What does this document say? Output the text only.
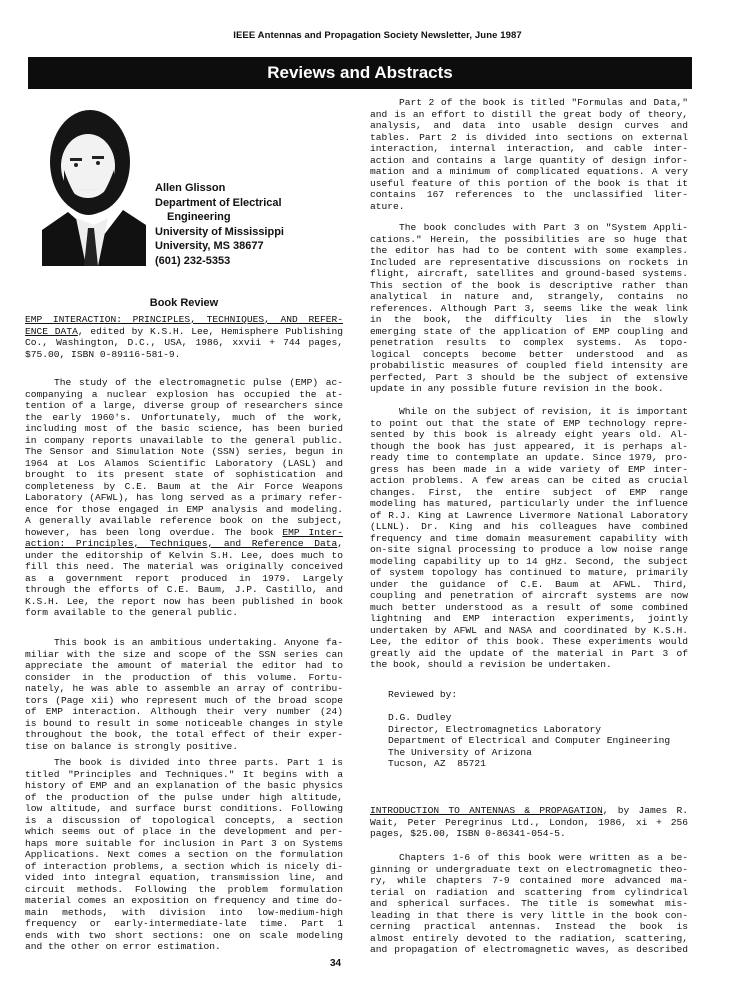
IEEE Antennas and Propagation Society Newsletter, June 1987
Reviews and Abstracts
Allen Glisson
Department of Electrical
Engineering
University of Mississippi
University, MS 38677
(601) 232-5353
Book Review
EMP INTERACTION: PRINCIPLES, TECHNIQUES, AND REFER-
ENCE DATA, edited by K.S.H. Lee, Hemisphere Publishing
Co., Washington, D.C., USA, 1986, xxvii + 744 pages,
$75.00, ISBN 0-89116-581-9.
The study of the electromagnetic pulse (EMP) ac-
companying a nuclear explosion has occupied the at-
tention of a large, diverse group of researchers since
the early 1960's. Unfortunately, much of the work,
including most of the basic science, has been buried
in company reports unavailable to the general public.
The Sensor and Simulation Note (SSN) series, begun in
1964 at Los Alamos Scientific Laboratory (LASL) and
brought to its present state of sophistication and
completeness by C.E. Baum at the Air Force Weapons
Laboratory (AFWL), has long served as a primary refer-
ence for those engaged in EMP analysis and modeling.
A generally available reference book on the subject,
however, has been long overdue. The book EMP Inter-
action: Principles, Techniques, and Reference Data,
under the editorship of Kelvin S.H. Lee, does much to
fill this need. The material was originally conceived
as a government report produced in 1979. Largely
through the efforts of C.E. Baum, J.P. Castillo, and
K.S.H. Lee, the report now has been published in book
form available to the general public.
This book is an ambitious undertaking. Anyone fa-
miliar with the size and scope of the SSN series can
appreciate the amount of material the editor had to
consider in the production of this volume. Fortu-
nately, he was able to assemble an array of contribu-
tors (Page xii) who represent much of the broad scope
of EMP interaction. Although their very number (24)
is bound to result in some noticeable changes in style
throughout the book, the total effect of their exper-
tise on balance is strongly positive.
The book is divided into three parts. Part 1 is
titled "Principles and Techniques." It begins with a
history of EMP and an explanation of the basic physics
of the production of the pulse under high altitude,
low altitude, and surface burst conditions. Following
is a discussion of topological concepts, a section
which seems out of place in the development and per-
haps more suitable for inclusion in Part 3 on Systems
Applications. Next comes a section on the formulation
of interaction problems, a section which is nicely di-
vided into integral equation, transmission line, and
circuit methods. Following the problem formulation
material comes an exposition on frequency and time do-
main methods, with division into low-medium-high
frequency or early-intermediate-late time. Part 1
ends with two short sections: one on scale modeling
and the other on error estimation.
Part 2 of the book is titled "Formulas and Data,"
and is an effort to distill the great body of theory,
analysis, and data into usable design curves and
tables. Part 2 is divided into sections on external
interaction, internal interaction, and cable inter-
action and contains a large quantity of design infor-
mation and a minimum of complicated equations. A very
useful feature of this portion of the book is that it
contains 167 references to the unclassified liter-
ature.
The book concludes with Part 3 on "System Appli-
cations." Herein, the possibilities are so huge that
the editor has had to be content with some examples.
Included are representative discussions on rockets in
flight, aircraft, satellites and ground-based systems.
This section of the book is descriptive rather than
analytical in nature and, strangely, contains no
references. Although Part 3, seems like the weak link
in the book, the difficulty lies in the slowly
emerging state of the application of EMP coupling and
penetration results to complex systems. As topo-
logical concepts become better understood and as
probabilistic measures of coupled field intensity are
perfected, Part 3 should be the subject of extensive
update in any possible future revision in the book.
While on the subject of revision, it is important
to point out that the state of EMP technology repre-
sented by this book is already eight years old. Al-
though the book has just appeared, it is perhaps al-
ready time to contemplate an update. Since 1979, pro-
gress has been made in a wide variety of EMP inter-
action problems. A few areas can be cited as crucial
changes. First, the entire subject of EMP range
modeling has matured, particularly under the influence
of R.J. King at Lawrence Livermore National Laboratory
(LLNL). Dr. King and his colleagues have combined
frequency and time domain measurement capability with
on-site signal processing to produce a low noise range
modeling capability up to 14 gHz. Second, the subject
of system topology has continued to mature, primarily
under the guidance of C.E. Baum at AFWL. Third,
coupling and penetration of aircraft systems are now
much better understood as a result of some combined
lightning and EMP interaction experiments, jointly
undertaken by AFWL and NASA and coordinated by K.S.H.
Lee, the editor of this book. These experiments would
greatly aid the update of the material in Part 3 of
the book, should a revision be undertaken.
Reviewed by:
D.G. Dudley
Director, Electromagnetics Laboratory
Department of Electrical and Computer Engineering
The University of Arizona
Tucson, AZ  85721
INTRODUCTION TO ANTENNAS & PROPAGATION, by James R.
Wait, Peter Peregrinus Ltd., London, 1986, xi + 256
pages, $25.00, ISBN 0-86341-054-5.
Chapters 1-6 of this book were written as a be-
ginning or undergraduate text on electromagnetic theo-
ry, while chapters 7-9 contained more advanced ma-
terial on radiation and scattering from cylindrical
and spherical surfaces. The title is somewhat mis-
leading in that there is very little in the book con-
cerning practical antennas. Instead the book is
almost entirely devoted to the radiation, scattering,
and propagation of electromagnetic waves, as described
34
